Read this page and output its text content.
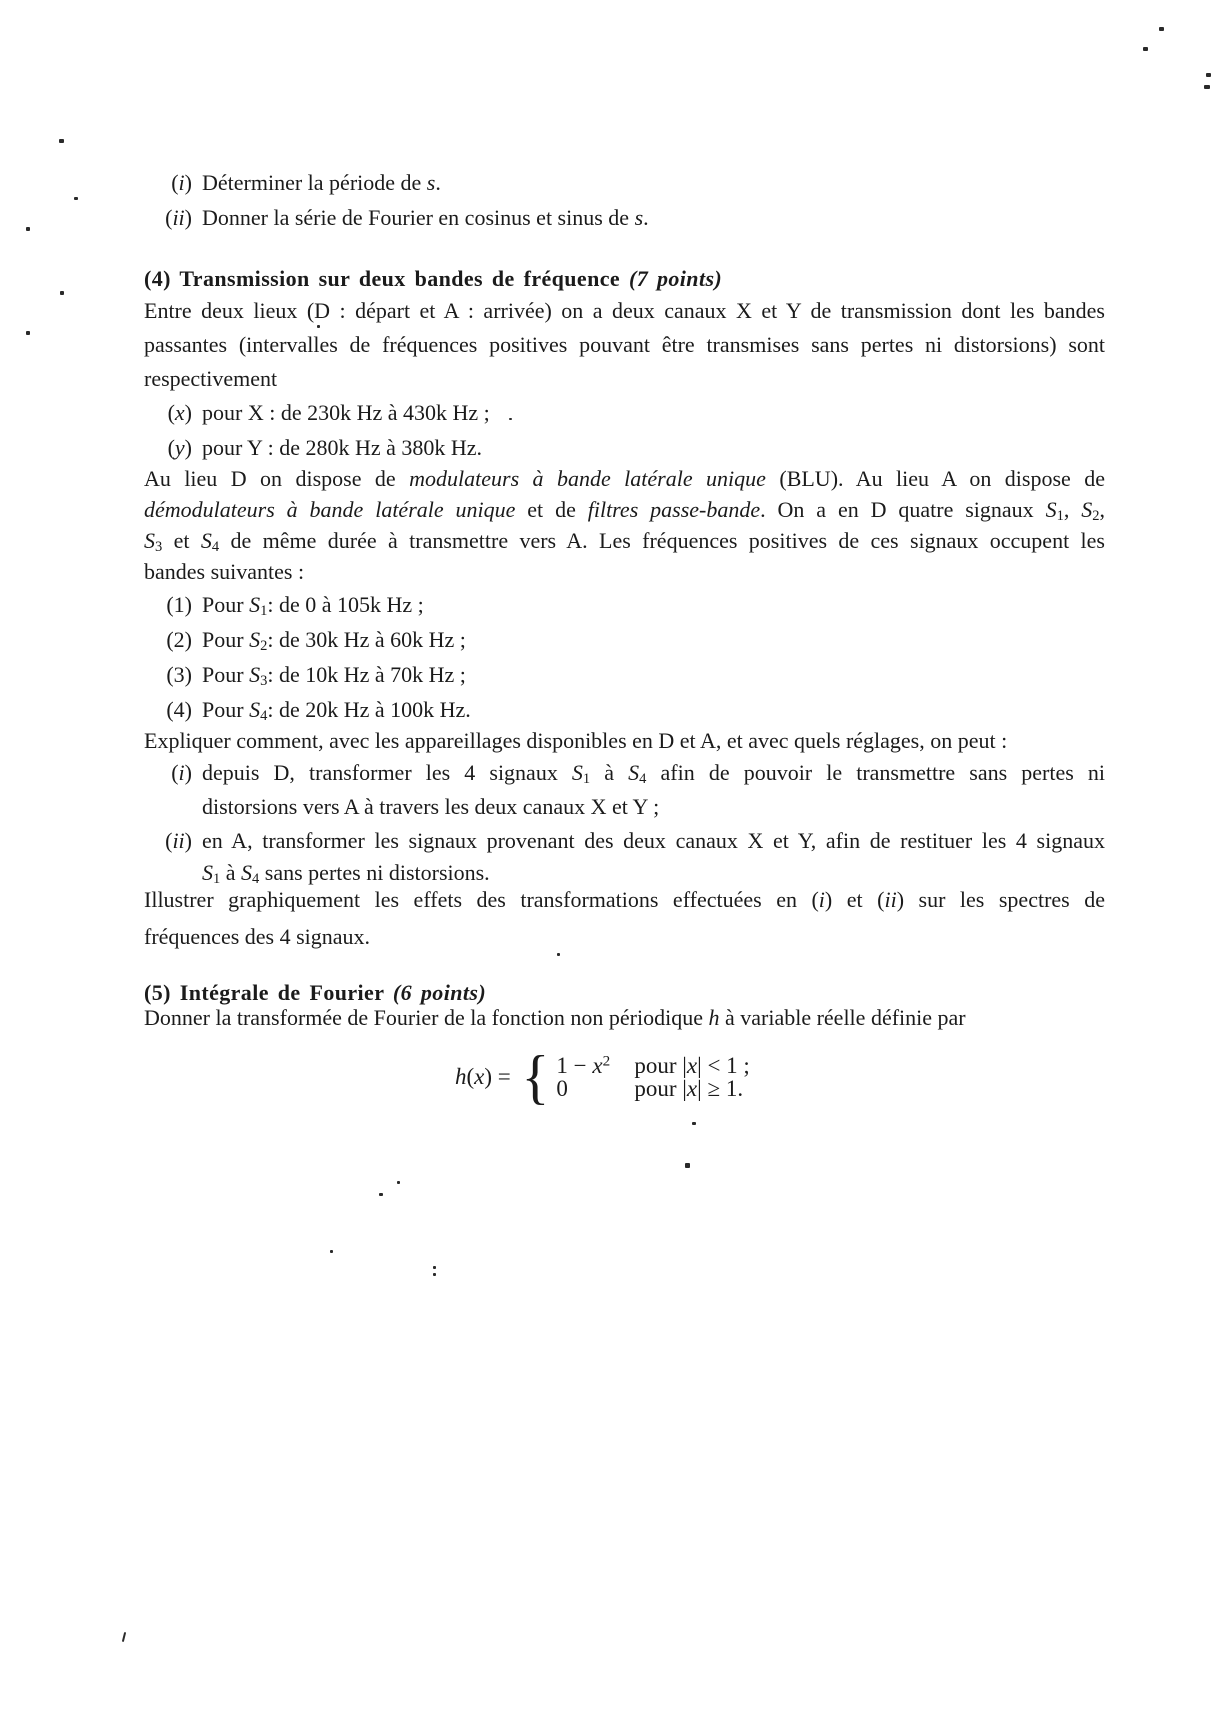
(i) Déterminer la période de s.
(ii) Donner la série de Fourier en cosinus et sinus de s.
(4) Transmission sur deux bandes de fréquence (7 points)
Entre deux lieux (D : départ et A : arrivée) on a deux canaux X et Y de transmission dont les bandes
passantes (intervalles de fréquences positives pouvant être transmises sans pertes ni distorsions) sont
respectivement
(x) pour X : de 230k Hz à 430k Hz ;
(y) pour Y : de 280k Hz à 380k Hz.
Au lieu D on dispose de modulateurs à bande latérale unique (BLU). Au lieu A on dispose de
démodulateurs à bande latérale unique et de filtres passe-bande. On a en D quatre signaux $S_1$, $S_2$,
$S_3$ et $S_4$ de même durée à transmettre vers A. Les fréquences positives de ces signaux occupent les
bandes suivantes :
(1) Pour $S_1$: de 0 à 105k Hz ;
(2) Pour $S_2$: de 30k Hz à 60k Hz ;
(3) Pour $S_3$: de 10k Hz à 70k Hz ;
(4) Pour $S_4$: de 20k Hz à 100k Hz.
Expliquer comment, avec les appareillages disponibles en D et A, et avec quels réglages, on peut :
(i) depuis D, transformer les 4 signaux $S_1$ à $S_4$ afin de pouvoir le transmettre sans pertes ni
distorsions vers A à travers les deux canaux X et Y ;
(ii) en A, transformer les signaux provenant des deux canaux X et Y, afin de restituer les 4 signaux
$S_1$ à $S_4$ sans pertes ni distorsions.
Illustrer graphiquement les effets des transformations effectuées en (i) et (ii) sur les spectres de
fréquences des 4 signaux.
(5) Intégrale de Fourier (6 points)
Donner la transformée de Fourier de la fonction non périodique h à variable réelle définie par
h(x) = { $1 - x^2$	pour |x| < 1 ;
0	pour |x| ≥ 1.
